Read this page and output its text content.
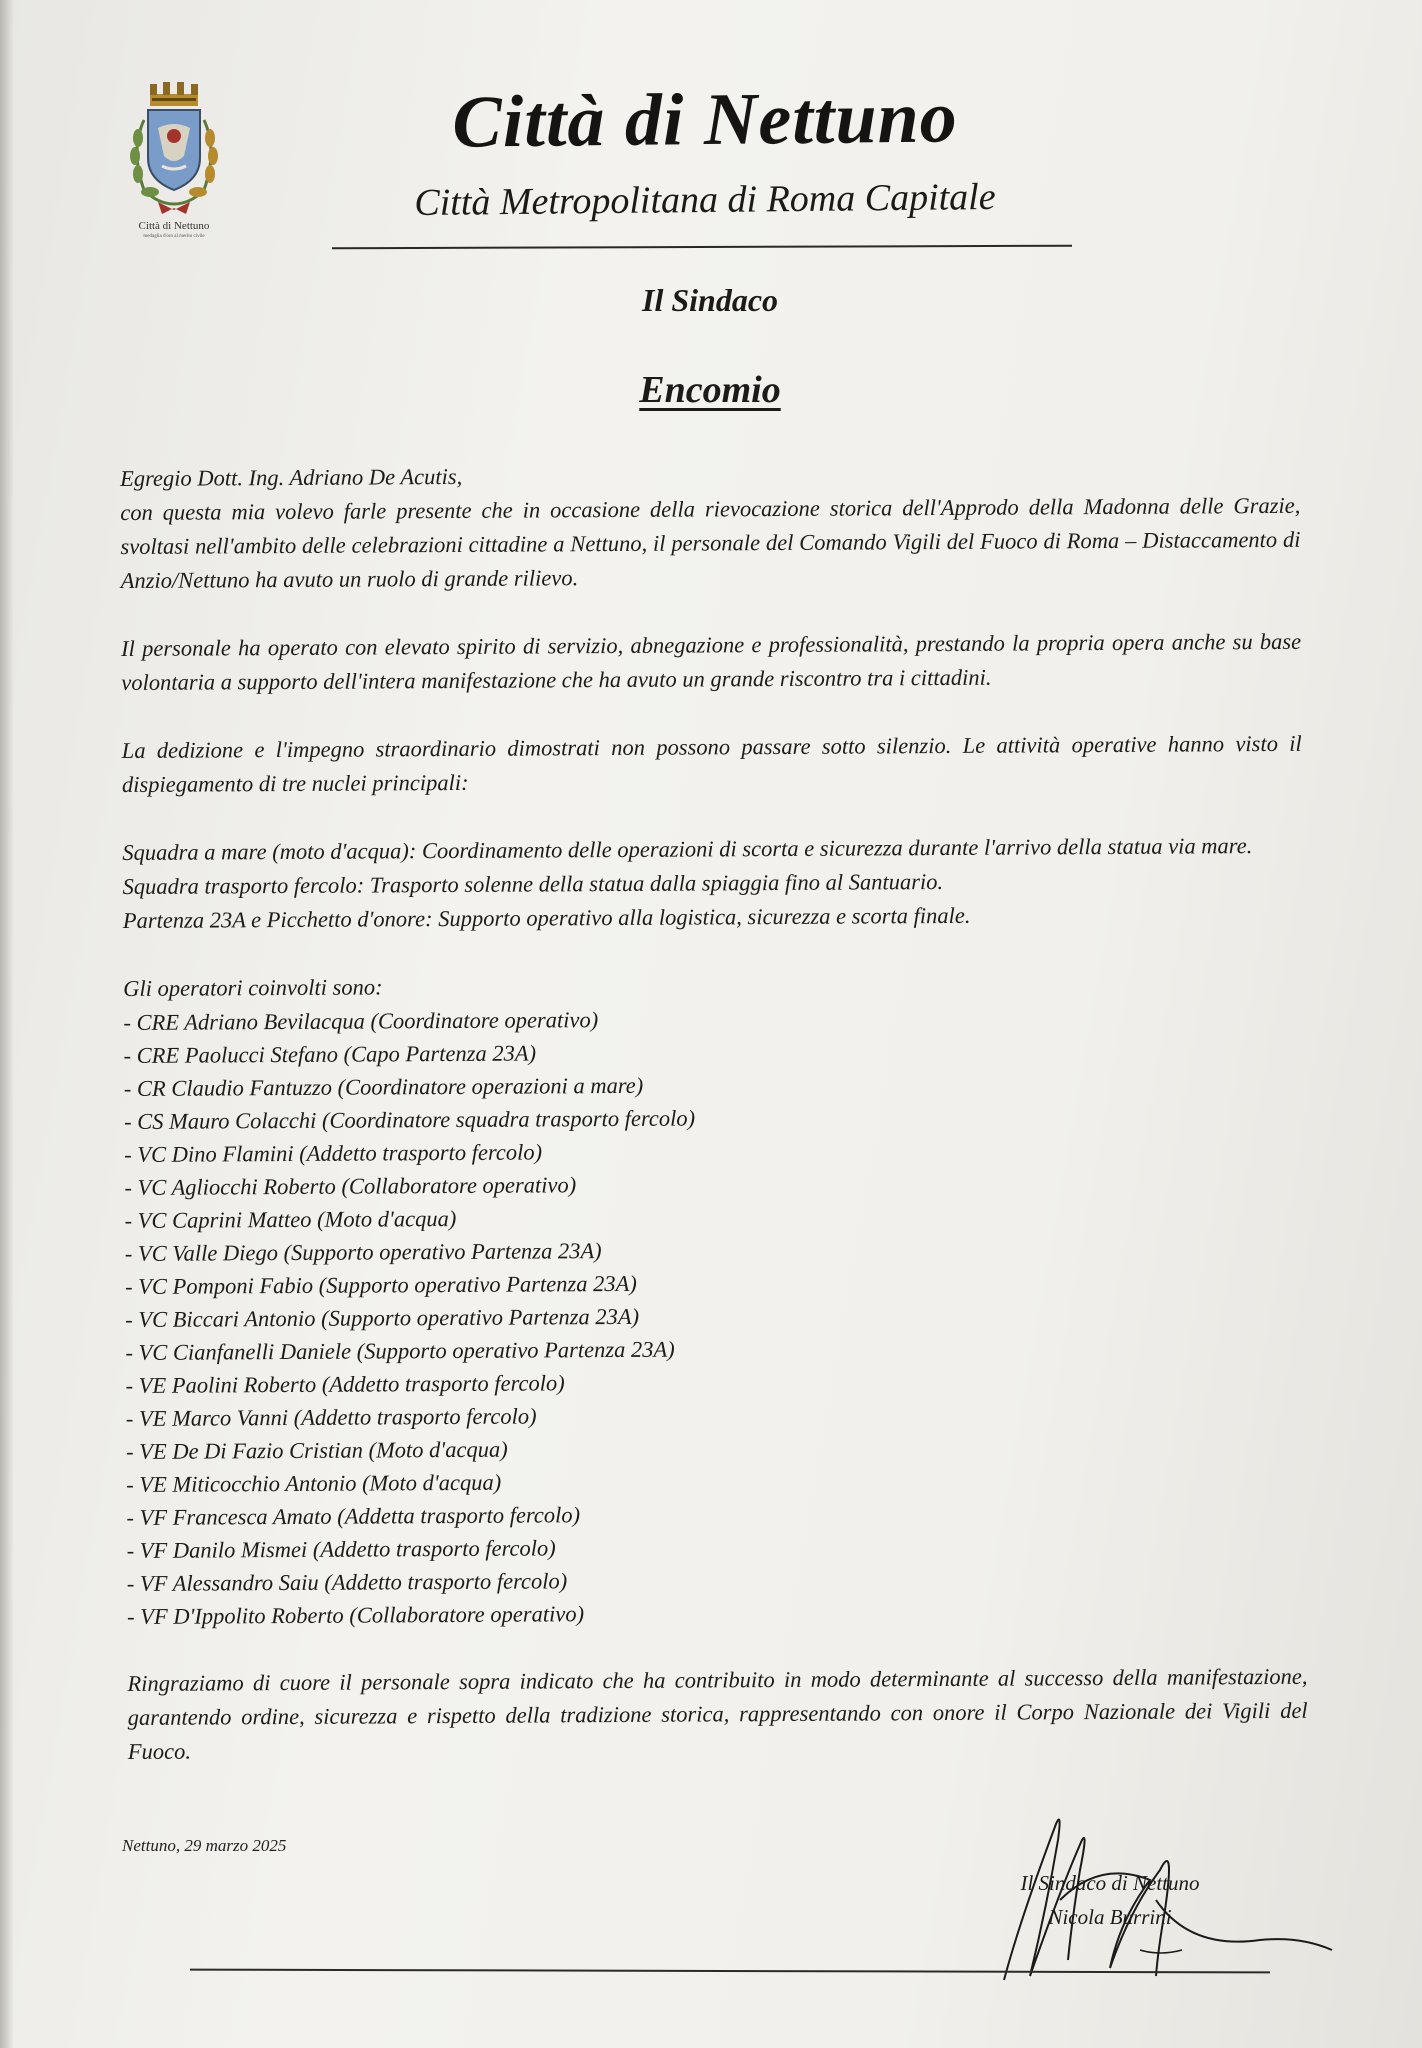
Città di Nettuno
medaglia d'oro al merito civile
Città di Nettuno
Città Metropolitana di Roma Capitale
Il Sindaco
Encomio

Egregio Dott. Ing. Adriano De Acutis,

con questa mia volevo farle presente che in occasione della rievocazione storica dell'Approdo della Madonna delle Grazie, svoltasi nell'ambito delle celebrazioni cittadine a Nettuno, il personale del Comando Vigili del Fuoco di Roma – Distaccamento di Anzio/Nettuno ha avuto un ruolo di grande rilievo.

Il personale ha operato con elevato spirito di servizio, abnegazione e professionalità, prestando la propria opera anche su base volontaria a supporto dell'intera manifestazione che ha avuto un grande riscontro tra i cittadini.

La dedizione e l'impegno straordinario dimostrati non possono passare sotto silenzio. Le attività operative hanno visto il dispiegamento di tre nuclei principali:

Squadra a mare (moto d'acqua): Coordinamento delle operazioni di scorta e sicurezza durante l'arrivo della statua via mare.

Squadra trasporto fercolo: Trasporto solenne della statua dalla spiaggia fino al Santuario.

Partenza 23A e Picchetto d'onore: Supporto operativo alla logistica, sicurezza e scorta finale.

Gli operatori coinvolti sono:

- CRE Adriano Bevilacqua (Coordinatore operativo)
- CRE Paolucci Stefano (Capo Partenza 23A)
- CR Claudio Fantuzzo (Coordinatore operazioni a mare)
- CS Mauro Colacchi (Coordinatore squadra trasporto fercolo)
- VC Dino Flamini (Addetto trasporto fercolo)
- VC Agliocchi Roberto (Collaboratore operativo)
- VC Caprini Matteo (Moto d'acqua)
- VC Valle Diego (Supporto operativo Partenza 23A)
- VC Pomponi Fabio (Supporto operativo Partenza 23A)
- VC Biccari Antonio (Supporto operativo Partenza 23A)
- VC Cianfanelli Daniele (Supporto operativo Partenza 23A)
- VE Paolini Roberto (Addetto trasporto fercolo)
- VE Marco Vanni (Addetto trasporto fercolo)
- VE De Di Fazio Cristian (Moto d'acqua)
- VE Miticocchio Antonio (Moto d'acqua)
- VF Francesca Amato (Addetta trasporto fercolo)
- VF Danilo Mismei (Addetto trasporto fercolo)
- VF Alessandro Saiu (Addetto trasporto fercolo)
- VF D'Ippolito Roberto (Collaboratore operativo)

Ringraziamo di cuore il personale sopra indicato che ha contribuito in modo determinante al successo della manifestazione, garantendo ordine, sicurezza e rispetto della tradizione storica, rappresentando con onore il Corpo Nazionale dei Vigili del Fuoco.

Nettuno, 29 marzo 2025
Il Sindaco di Nettuno
Nicola Burrini
